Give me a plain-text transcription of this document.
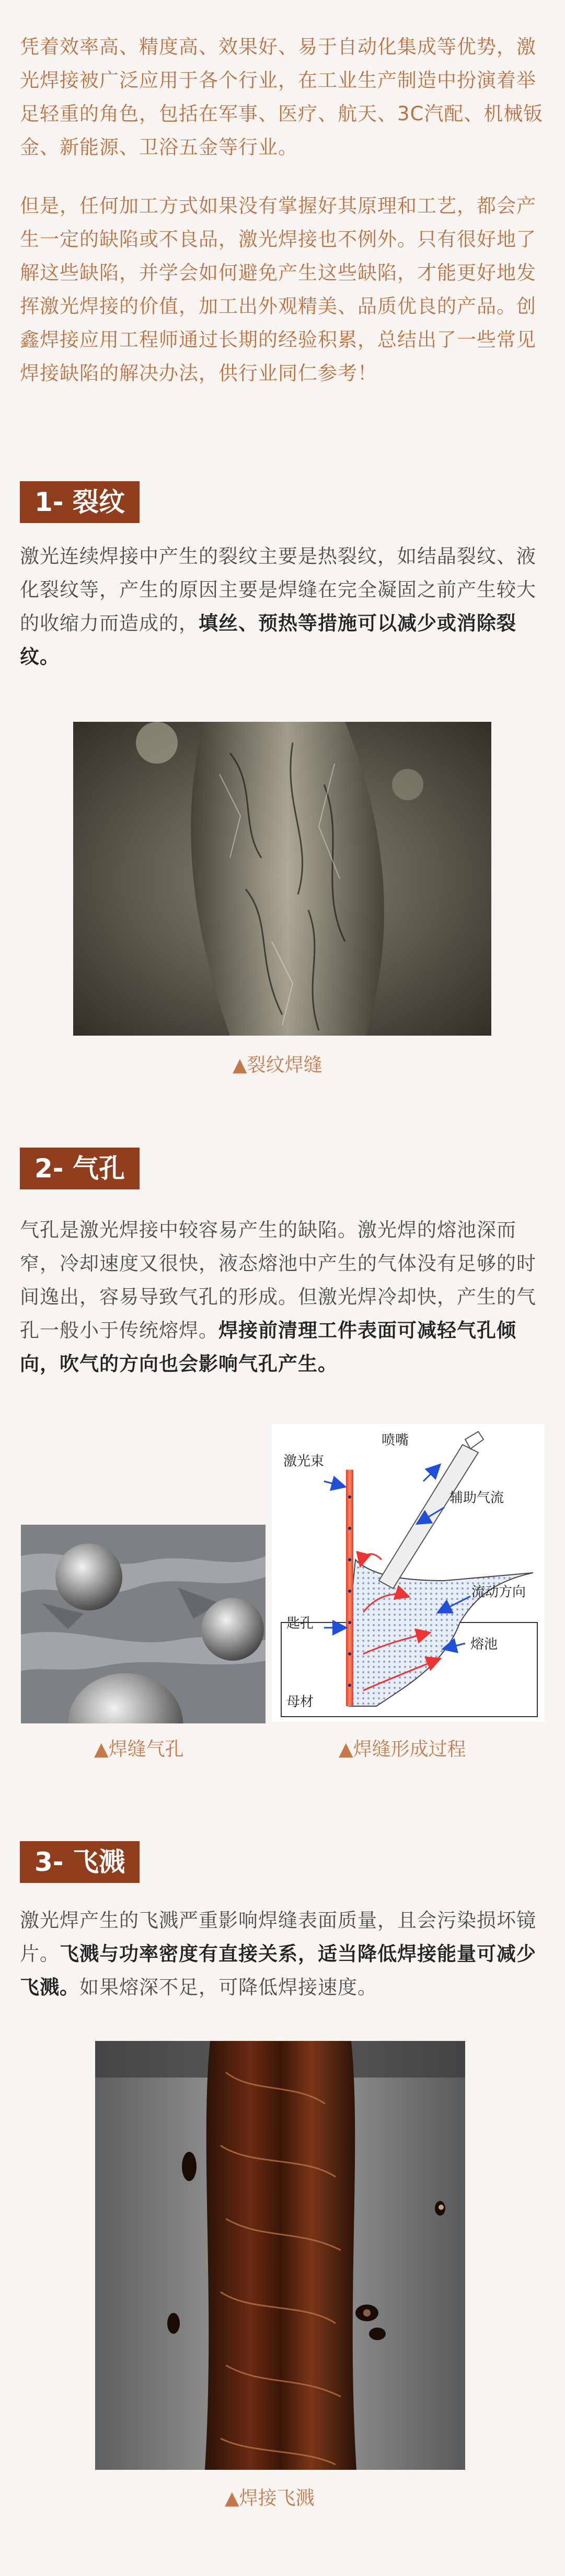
凭着效率高、精度高、效果好、易于自动化集成等优势，激光焊接被广泛应用于各个行业，在工业生产制造中扮演着举足轻重的角色，包括在军事、医疗、航天、3C汽配、机械钣金、新能源、卫浴五金等行业。

但是，任何加工方式如果没有掌握好其原理和工艺，都会产生一定的缺陷或不良品，激光焊接也不例外。只有很好地了解这些缺陷，并学会如何避免产生这些缺陷，才能更好地发挥激光焊接的价值，加工出外观精美、品质优良的产品。创鑫焊接应用工程师通过长期的经验积累，总结出了一些常见焊接缺陷的解决办法，供行业同仁参考！

1- 裂纹

激光连续焊接中产生的裂纹主要是热裂纹，如结晶裂纹、液化裂纹等，产生的原因主要是焊缝在完全凝固之前产生较大的收缩力而造成的，填丝、预热等措施可以减少或消除裂纹。

▲裂纹焊缝
2- 气孔

气孔是激光焊接中较容易产生的缺陷。激光焊的熔池深而窄，冷却速度又很快，液态熔池中产生的气体没有足够的时间逸出，容易导致气孔的形成。但激光焊冷却快，产生的气孔一般小于传统熔焊。焊接前清理工件表面可减轻气孔倾向，吹气的方向也会影响气孔产生。

激光束
喷嘴
辅助气流
流动方向
匙孔
熔池
母材
▲焊缝气孔	▲焊缝形成过程
3- 飞溅

激光焊产生的飞溅严重影响焊缝表面质量，且会污染损坏镜片。飞溅与功率密度有直接关系，适当降低焊接能量可减少飞溅。如果熔深不足，可降低焊接速度。

▲焊接飞溅
